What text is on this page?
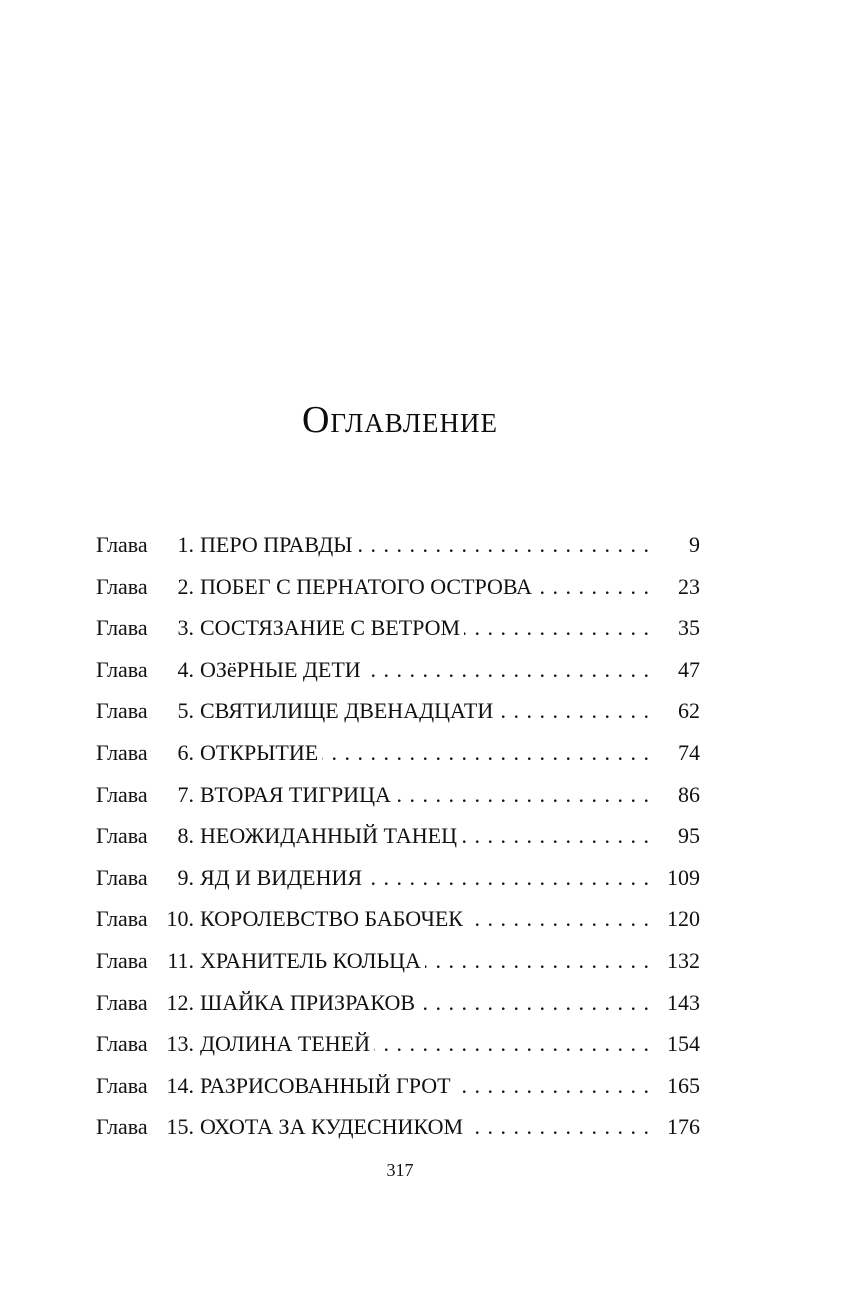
Оглавление
Глава	1. ПЕРО ПРАВДЫ . . .	9
Глава	2. ПОБЕГ С ПЕРНАТОГО ОСТРОВА . . .	23
Глава	3. СОСТЯЗАНИЕ С ВЕТРОМ . . .	35
Глава	4. ОЗёРНЫЕ ДЕТИ . . .	47
Глава	5. СВЯТИЛИЩЕ ДВЕНАДЦАТИ . . .	62
Глава	6. ОТКРЫТИЕ . . .	74
Глава	7. ВТОРАЯ ТИГРИЦА . . .	86
Глава	8. НЕОЖИДАННЫЙ ТАНЕЦ . . .	95
Глава	9. ЯД И ВИДЕНИЯ . . .	109
Глава 10. КОРОЛЕВСТВО БАБОЧЕК . . .	120
Глава 11. ХРАНИТЕЛЬ КОЛЬЦА . . .	132
Глава 12. ШАЙКА ПРИЗРАКОВ . . .	143
Глава 13. ДОЛИНА ТЕНЕЙ . . .	154
Глава 14. РАЗРИСОВАННЫЙ ГРОТ . . .	165
Глава 15. ОХОТА ЗА КУДЕСНИКОМ . . .	176
317
